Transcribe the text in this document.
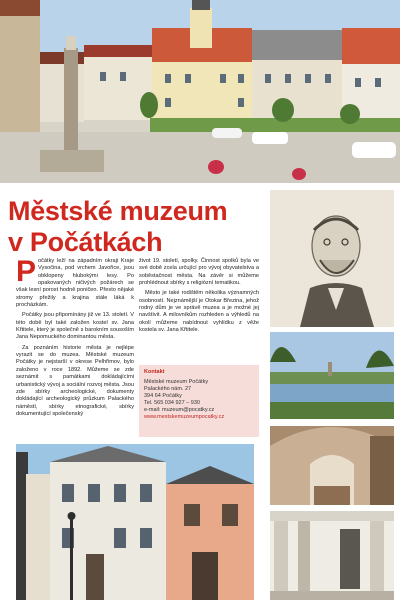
Městské muzeum
v Počátkách

Počátky leží na západním okraji Kraje Vysočina, pod vrchem Javořice, jsou obklopeny hlubokými lesy. Po opakovaných ničivých požárech se však lesní porost hodně poničen. Přesto nějaké stromy přežily a krajina stále láká k procházkám.

Počátky jsou připomínány již ve 13. století. V této době byl také založen kostel sv. Jana Křtitele, který je společně s barokním sousoším Jana Nepomuckého dominantou města.

Za poznáním historie města je nejlépe vyrazit se do muzea. Městské muzeum Počátky je nejstarší v okrese Pelhřimov, bylo založeno v roce 1892. Můžeme se zde seznámit s památkami dokládajícími urbanistický vývoj a sociální rozvoj města. Jsou zde sbírky archeologické, dokumenty dokládající archeologický průzkum Palackého náměstí, sbírky etnografické, sbírky dokumentující společenský

život 19. století, spolky. Činnost spolků byla ve své době zcela určující pro vývoj obyvatelstva a soběstačnost města. Na závěr si můžeme prohlédnout sbírky s religiózní tematikou.

Město je také rodištěm několika významných osobností. Nejznámější je Otokar Březina, jehož rodný dům je ve správě muzea a je možné jej navštívit. A milovníkům rozhleden a výhledů na okolí můžeme nabídnout vyhlídku z věže kostela sv. Jana Křtitele.

Kontakt
Městské muzeum Počátky
Palackého nám. 27
394 64 Počátky
Tel. 565 034 927 – 930
e-mail: muzeum@pocatky.cz
www.mestskemuzeumpocatky.cz
